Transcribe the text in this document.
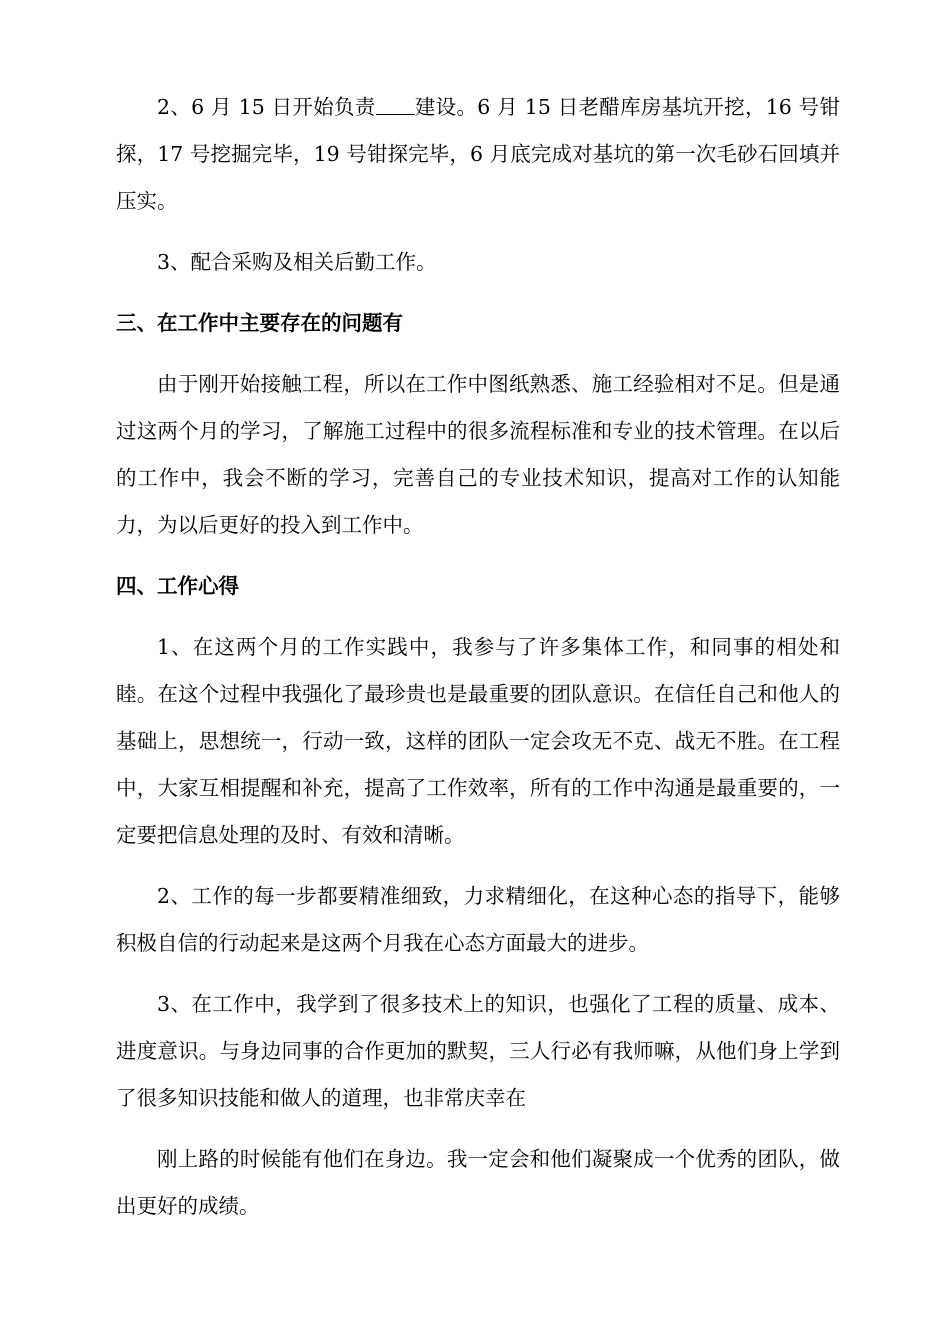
2、6 月 15 日开始负责 建设。6 月 15 日老醋库房基坑开挖，16 号钳探，17 号挖掘完毕，19 号钳探完毕，6 月底完成对基坑的第一次毛砂石回填并压实。

3、配合采购及相关后勤工作。

三、在工作中主要存在的问题有

由于刚开始接触工程，所以在工作中图纸熟悉、施工经验相对不足。但是通过这两个月的学习，了解施工过程中的很多流程标准和专业的技术管理。在以后的工作中，我会不断的学习，完善自己的专业技术知识，提高对工作的认知能力，为以后更好的投入到工作中。

四、工作心得

1、在这两个月的工作实践中，我参与了许多集体工作，和同事的相处和睦。在这个过程中我强化了最珍贵也是最重要的团队意识。在信任自己和他人的基础上，思想统一，行动一致，这样的团队一定会攻无不克、战无不胜。在工程中，大家互相提醒和补充，提高了工作效率，所有的工作中沟通是最重要的，一定要把信息处理的及时、有效和清晰。

2、工作的每一步都要精准细致，力求精细化，在这种心态的指导下，能够积极自信的行动起来是这两个月我在心态方面最大的进步。

3、在工作中，我学到了很多技术上的知识，也强化了工程的质量、成本、进度意识。与身边同事的合作更加的默契，三人行必有我师嘛，从他们身上学到了很多知识技能和做人的道理，也非常庆幸在

刚上路的时候能有他们在身边。我一定会和他们凝聚成一个优秀的团队，做出更好的成绩。
